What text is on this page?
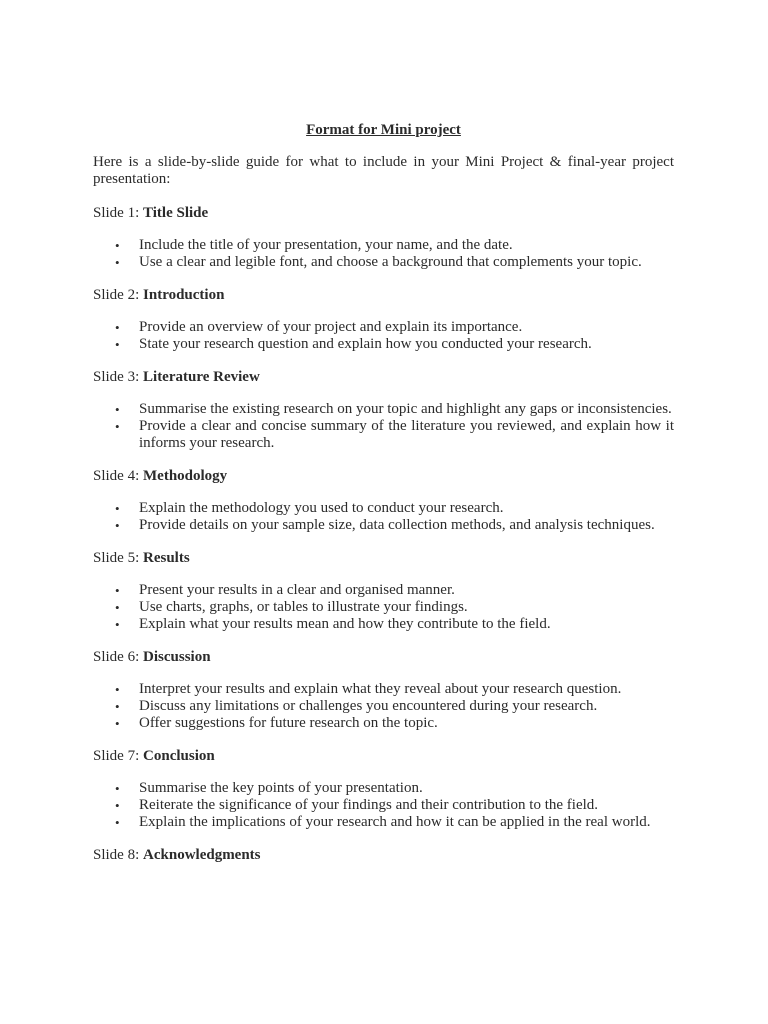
Format for Mini project
Here is a slide-by-slide guide for what to include in your Mini Project & final-year project presentation:
Slide 1: Title Slide
• Include the title of your presentation, your name, and the date.
• Use a clear and legible font, and choose a background that complements your topic.
Slide 2: Introduction
• Provide an overview of your project and explain its importance.
• State your research question and explain how you conducted your research.
Slide 3: Literature Review
• Summarise the existing research on your topic and highlight any gaps or inconsistencies.
• Provide a clear and concise summary of the literature you reviewed, and explain how it informs your research.
Slide 4: Methodology
• Explain the methodology you used to conduct your research.
• Provide details on your sample size, data collection methods, and analysis techniques.
Slide 5: Results
• Present your results in a clear and organised manner.
• Use charts, graphs, or tables to illustrate your findings.
• Explain what your results mean and how they contribute to the field.
Slide 6: Discussion
• Interpret your results and explain what they reveal about your research question.
• Discuss any limitations or challenges you encountered during your research.
• Offer suggestions for future research on the topic.
Slide 7: Conclusion
• Summarise the key points of your presentation.
• Reiterate the significance of your findings and their contribution to the field.
• Explain the implications of your research and how it can be applied in the real world.
Slide 8: Acknowledgments
